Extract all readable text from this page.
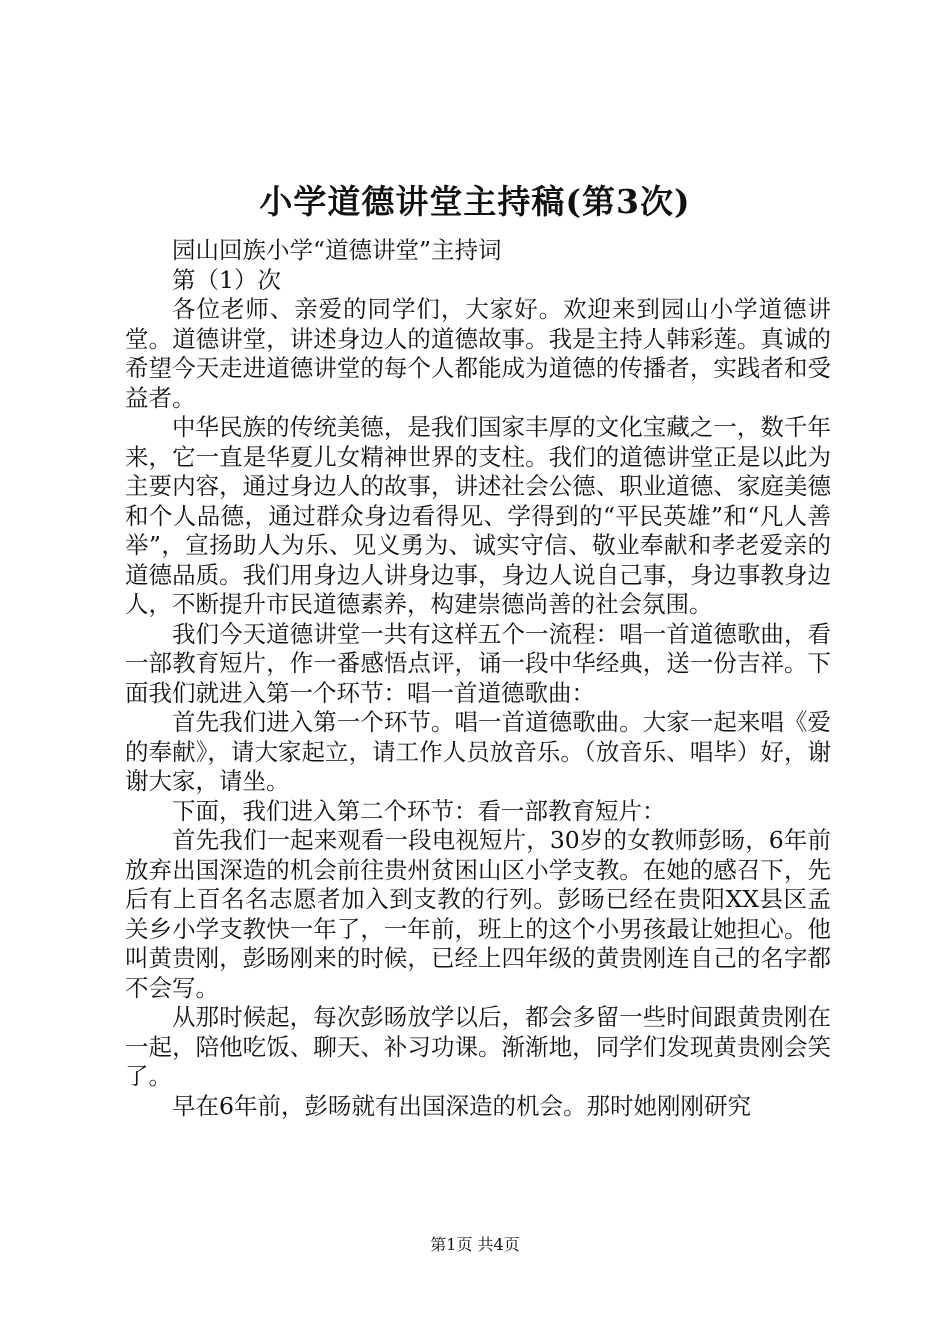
小学道德讲堂主持稿(第3次)

园山回族小学“道德讲堂”主持词

第（1）次

各位老师、亲爱的同学们，大家好。欢迎来到园山小学道德讲堂。道德讲堂，讲述身边人的道德故事。我是主持人韩彩莲。真诚的希望今天走进道德讲堂的每个人都能成为道德的传播者，实践者和受益者。

中华民族的传统美德，是我们国家丰厚的文化宝藏之一，数千年来，它一直是华夏儿女精神世界的支柱。我们的道德讲堂正是以此为主要内容，通过身边人的故事，讲述社会公德、职业道德、家庭美德和个人品德，通过群众身边看得见、学得到的“平民英雄”和“凡人善举”，宣扬助人为乐、见义勇为、诚实守信、敬业奉献和孝老爱亲的道德品质。我们用身边人讲身边事，身边人说自己事，身边事教身边人，不断提升市民道德素养，构建崇德尚善的社会氛围。

我们今天道德讲堂一共有这样五个一流程：唱一首道德歌曲，看一部教育短片，作一番感悟点评，诵一段中华经典，送一份吉祥。下面我们就进入第一个环节：唱一首道德歌曲：

首先我们进入第一个环节。唱一首道德歌曲。大家一起来唱《爱的奉献》，请大家起立，请工作人员放音乐。（放音乐、唱毕）好，谢谢大家，请坐。

下面，我们进入第二个环节：看一部教育短片：

首先我们一起来观看一段电视短片，30岁的女教师彭旸，6年前放弃出国深造的机会前往贵州贫困山区小学支教。在她的感召下，先后有上百名名志愿者加入到支教的行列。彭旸已经在贵阳XX县区孟关乡小学支教快一年了，一年前，班上的这个小男孩最让她担心。他叫黄贵刚，彭旸刚来的时候，已经上四年级的黄贵刚连自己的名字都不会写。

从那时候起，每次彭旸放学以后，都会多留一些时间跟黄贵刚在一起，陪他吃饭、聊天、补习功课。渐渐地，同学们发现黄贵刚会笑了。

早在6年前，彭旸就有出国深造的机会。那时她刚刚研究

第1页 共4页
